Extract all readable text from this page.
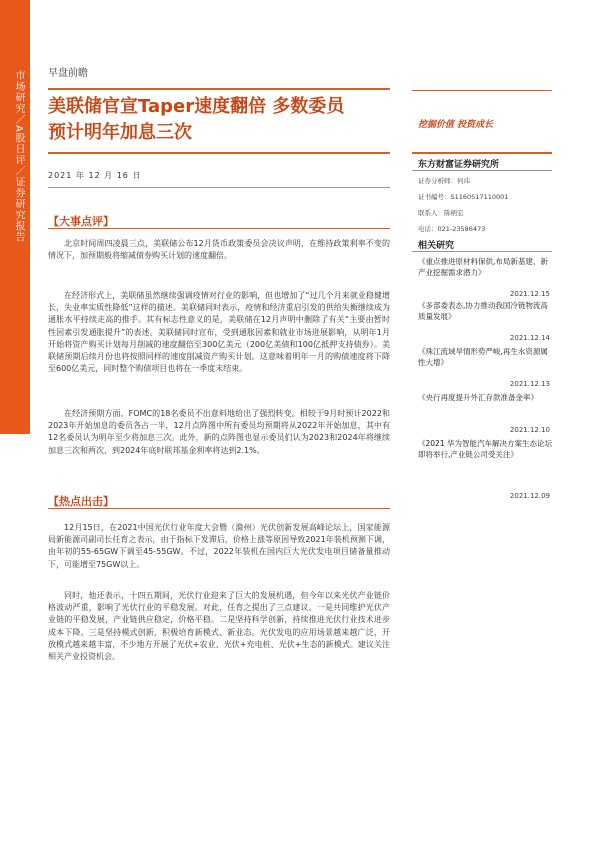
市场研究／A股日评／证券研究报告 早盘前瞻
美联储官宣Taper速度翻倍 多数委员
预计明年加息三次
2021 年 12 月 16 日
【大事点评】

北京时间周四凌晨三点，美联储公布12月货币政策委员会决议声明，在维持政策利率不变的情况下，加预期般将缩减债券购买计划的速度翻倍。

在经济形式上，美联储虽然继续强调疫情对行业的影响，但也增加了“过几个月来就业稳健增长，失业率实质性降低”这样的描述。美联储同时表示，疫情和经济重启引发的供给失衡继续成为通胀水平持续走高的推手。其有标志性意义的是，美联储在12月声明中删除了有关“主要由暂时性因素引发通胀提升”的表述。美联储同时宣布，受到通胀因素和就业市场进展影响，从明年1月开始将资产购买计划每月削减的速度翻倍至300亿美元（200亿美债和100亿抵押支持债券）。美联储预期后续月份也将按照同样的速度削减资产购买计划。这意味着明年一月的购债速度将下降至600亿美元，同时整个购债项目也将在一季度末结束。

在经济预期方面，FOMC的18名委员不出意料地给出了强烈转变。相较于9月时预计2022和2023年开始加息的委员各占一半，12月点阵图中所有委员均预期将从2022年开始加息，其中有12名委员认为明年至少将加息三次。此外，新的点阵图也显示委员们认为2023和2024年将继续加息三次和两次，到2024年底时联邦基金利率将达到2.1%。

【热点出击】

12月15日，在2021中国光伏行业年度大会暨（滁州）光伏创新发展高峰论坛上，国家能源局新能源司副司长任育之表示，由于指标下发滞后，价格上涨等原因导致2021年装机预测下调，由年初的55-65GW下调至45-55GW。不过，2022年装机在国内巨大光伏发电项目储备量推动下，可能增至75GW以上。

同时，他还表示，十四五期间，光伏行业迎来了巨大的发展机遇，但今年以来光伏产业链价格波动严重，影响了光伏行业的平稳发展。对此，任育之提出了三点建议。一是共同维护光伏产业链的平稳发展，产业链供应稳定，价格平稳。二是坚持科学创新，持续推进光伏行业技术进步成本下降。三是坚持模式创新，积极培育新模式、新业态。光伏发电的应用场景越来越广泛，开放模式越来越丰富，不少地方开展了光伏+农业、光伏+充电桩、光伏+生态的新模式。建议关注相关产业投资机会。

挖掘价值 投资成长
东方财富证券研究所
证券分析师：何玮
证书编号：S1160517110001
联系人：陈柄宏
电话：021-23586473
相关研究
《重点推进原材料保供,布局新基建、新产业挖掘需求潜力》
2021.12.15
《多部委表态,协力推动我国冷链物流高质量发展》
2021.12.14
《珠江流域旱情形势严峻,再生水资源属性大增》
2021.12.13
《央行再度提升外汇存款准备金率》
2021.12.10
《2021 华为智能汽车解决方案生态论坛即将举行,产业链公司受关注》
2021.12.09
